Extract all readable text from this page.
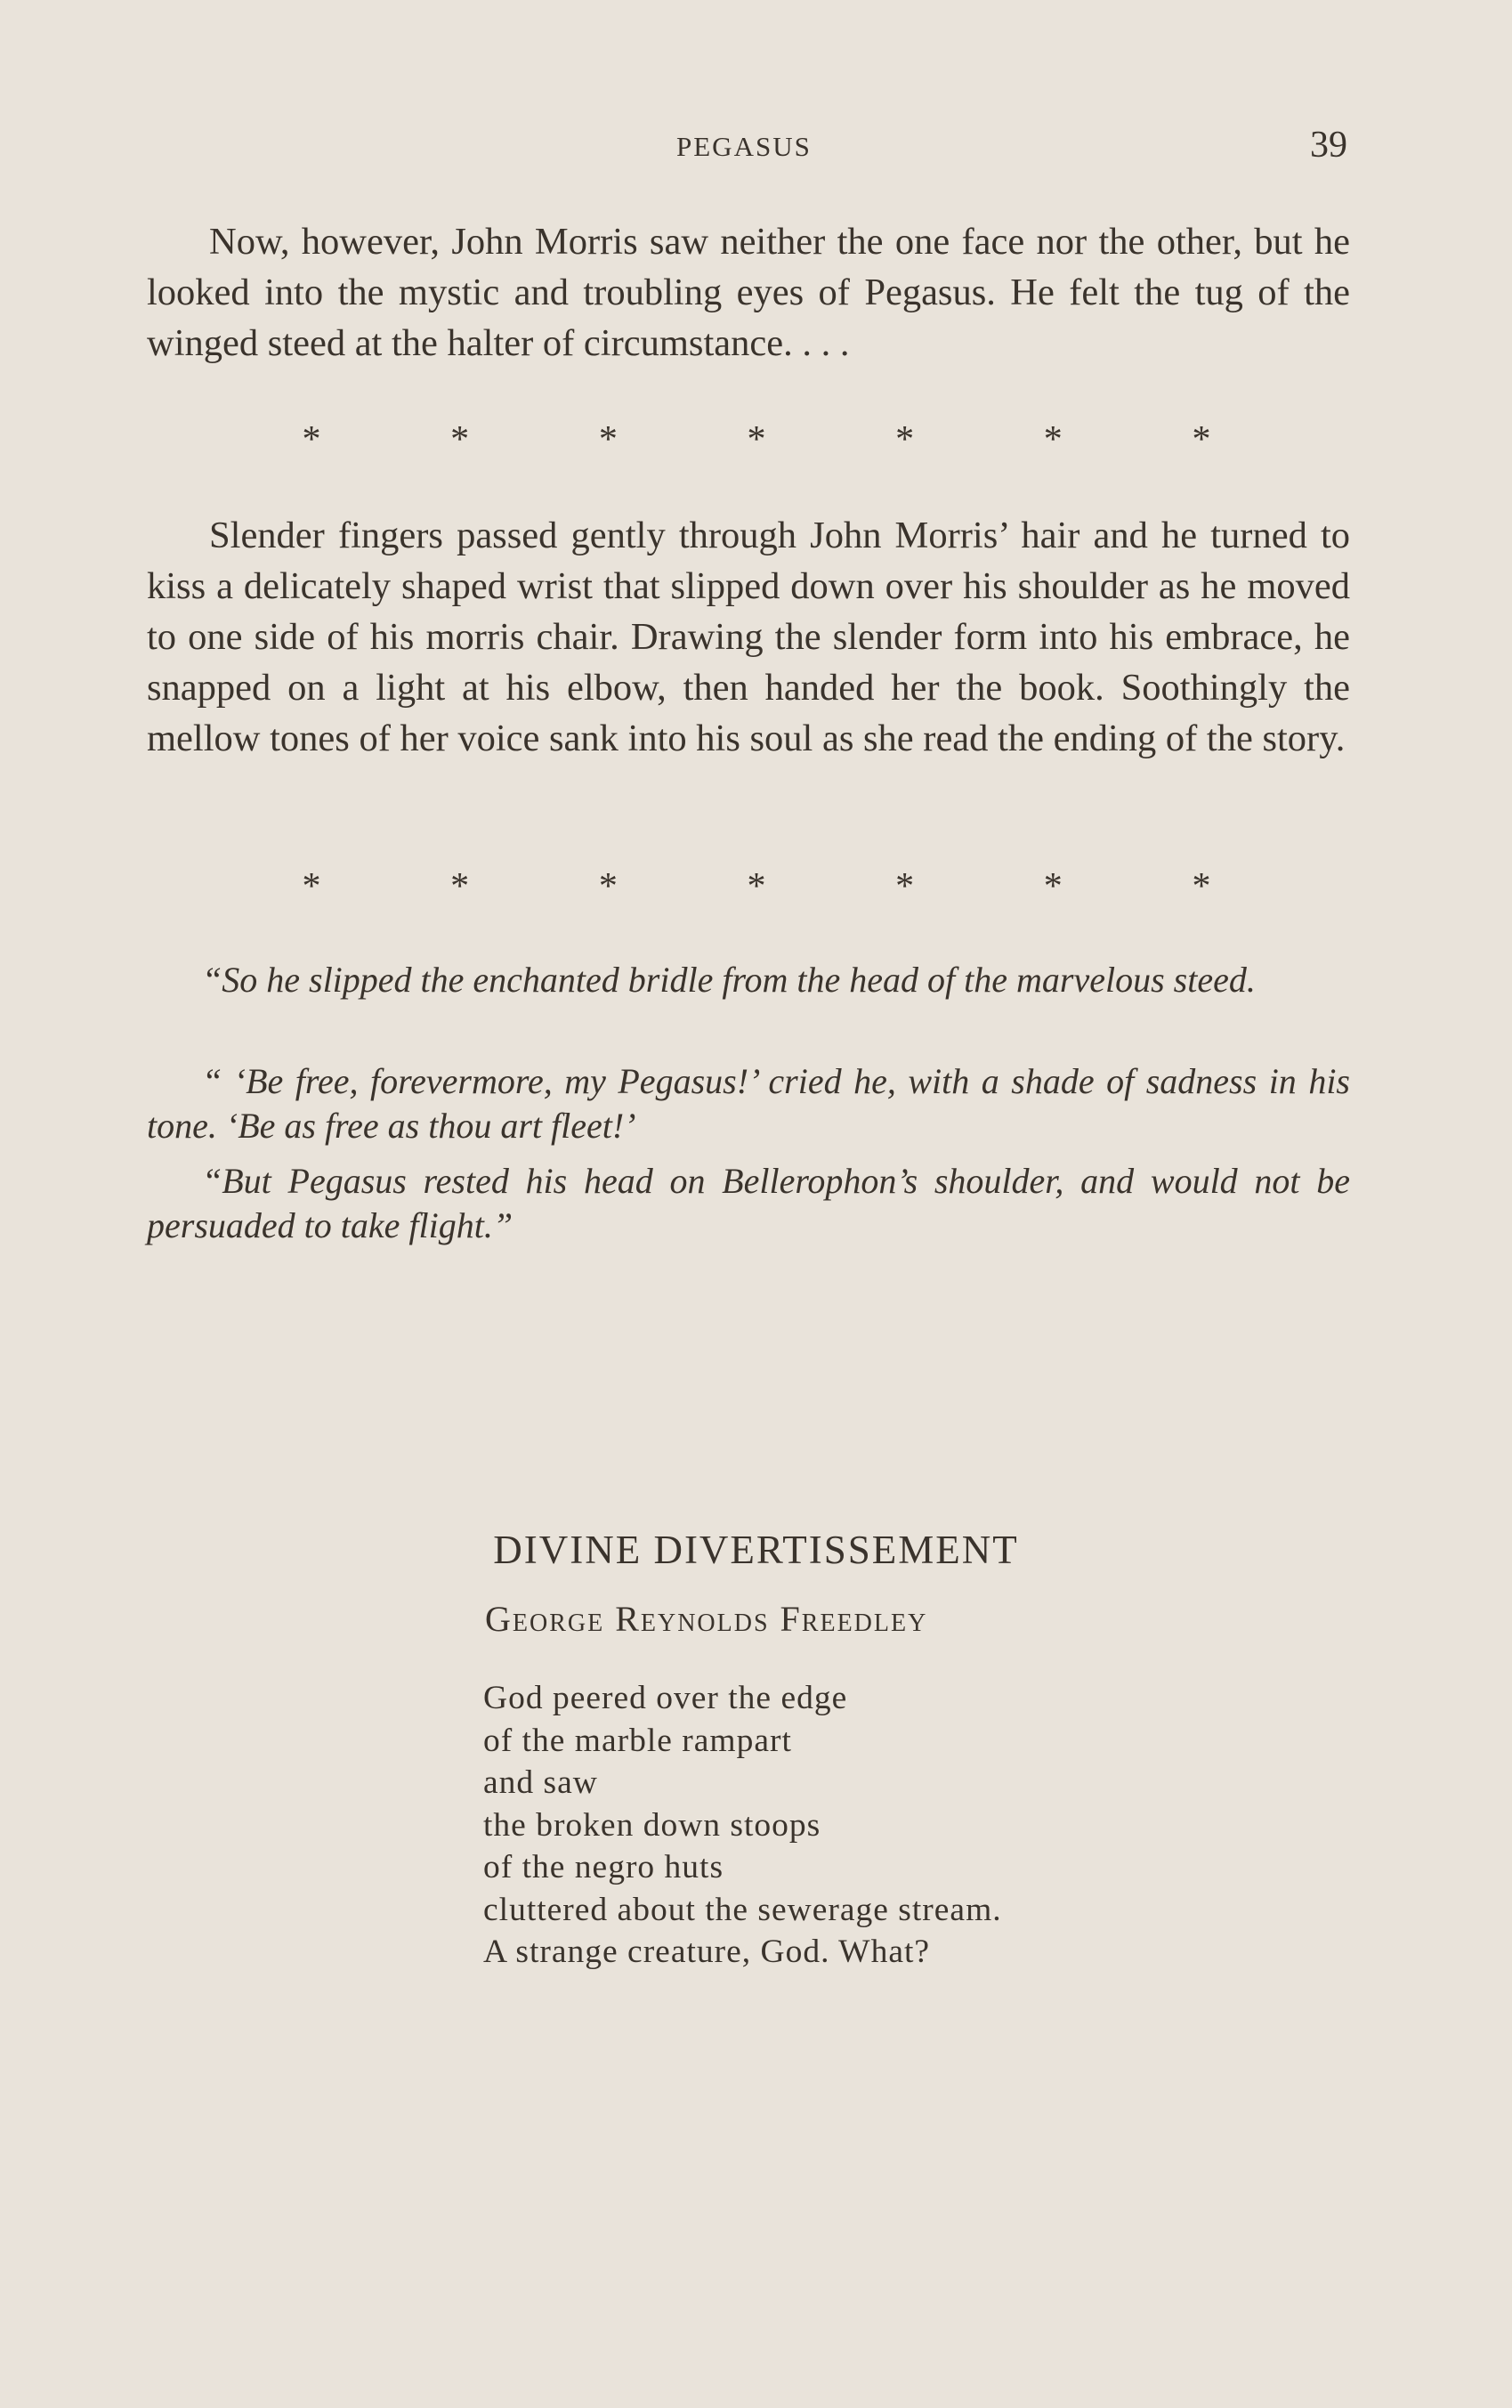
PEGASUS	39

Now, however, John Morris saw neither the one face nor the other, but he looked into the mystic and troubling eyes of Pegasus. He felt the tug of the winged steed at the halter of circumstance. . . .

*	*	*	*	*	*	*

Slender fingers passed gently through John Morris’ hair and he turned to kiss a delicately shaped wrist that slipped down over his shoulder as he moved to one side of his morris chair. Drawing the slender form into his embrace, he snapped on a light at his elbow, then handed her the book. Soothingly the mellow tones of her voice sank into his soul as she read the ending of the story.

*	*	*	*	*	*	*

“So he slipped the enchanted bridle from the head of the marvelous steed.

“ ‘Be free, forevermore, my Pegasus!’ cried he, with a shade of sadness in his tone. ‘Be as free as thou art fleet!’

“But Pegasus rested his head on Bellerophon’s shoulder, and would not be persuaded to take flight.”

DIVINE DIVERTISSEMENT
George Reynolds Freedley
God peered over the edge
of the marble rampart
and saw
the broken down stoops
of the negro huts
cluttered about the sewerage stream.
A strange creature, God. What?
